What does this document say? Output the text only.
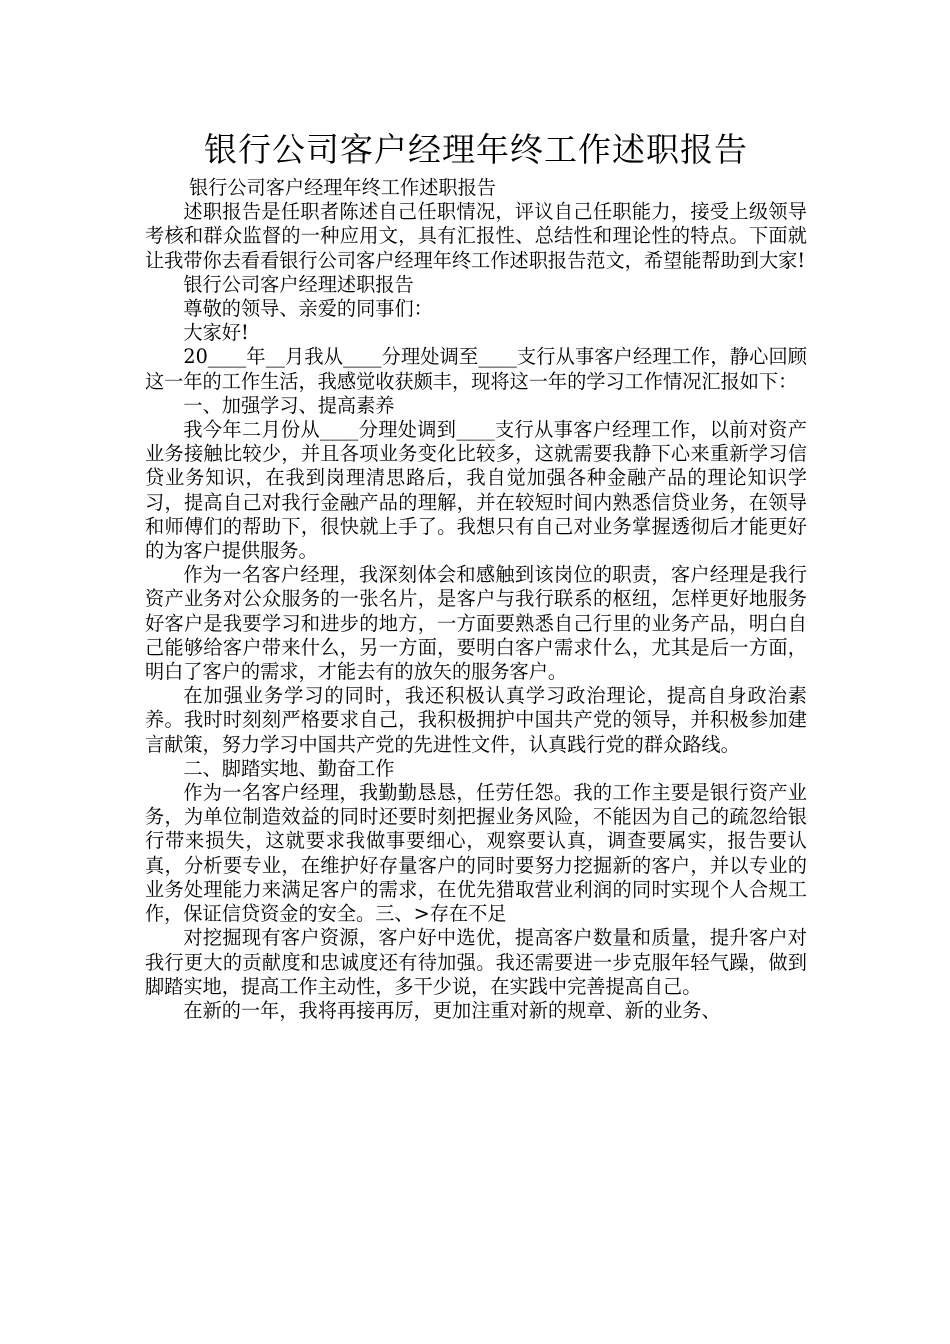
银行公司客户经理年终工作述职报告

银行公司客户经理年终工作述职报告

述职报告是任职者陈述自己任职情况，评议自己任职能力，接受上级领导考核和群众监督的一种应用文，具有汇报性、总结性和理论性的特点。下面就让我带你去看看银行公司客户经理年终工作述职报告范文，希望能帮助到大家!

银行公司客户经理述职报告

尊敬的领导、亲爱的同事们：

大家好!

20____年__月我从____分理处调至____支行从事客户经理工作，静心回顾这一年的工作生活，我感觉收获颇丰，现将这一年的学习工作情况汇报如下：

一、加强学习、提高素养

我今年二月份从____分理处调到____支行从事客户经理工作，以前对资产业务接触比较少，并且各项业务变化比较多，这就需要我静下心来重新学习信贷业务知识，在我到岗理清思路后，我自觉加强各种金融产品的理论知识学习，提高自己对我行金融产品的理解，并在较短时间内熟悉信贷业务，在领导和师傅们的帮助下，很快就上手了。我想只有自己对业务掌握透彻后才能更好的为客户提供服务。

作为一名客户经理，我深刻体会和感触到该岗位的职责，客户经理是我行资产业务对公众服务的一张名片，是客户与我行联系的枢纽，怎样更好地服务好客户是我要学习和进步的地方，一方面要熟悉自己行里的业务产品，明白自己能够给客户带来什么，另一方面，要明白客户需求什么，尤其是后一方面，明白了客户的需求，才能去有的放矢的服务客户。

在加强业务学习的同时，我还积极认真学习政治理论，提高自身政治素养。我时时刻刻严格要求自己，我积极拥护中国共产党的领导，并积极参加建言献策，努力学习中国共产党的先进性文件，认真践行党的群众路线。

二、脚踏实地、勤奋工作

作为一名客户经理，我勤勤恳恳，任劳任怨。我的工作主要是银行资产业务，为单位制造效益的同时还要时刻把握业务风险，不能因为自己的疏忽给银行带来损失，这就要求我做事要细心，观察要认真，调查要属实，报告要认真，分析要专业，在维护好存量客户的同时要努力挖掘新的客户，并以专业的业务处理能力来满足客户的需求，在优先猎取营业利润的同时实现个人合规工作，保证信贷资金的安全。三、>存在不足

对挖掘现有客户资源，客户好中选优，提高客户数量和质量，提升客户对我行更大的贡献度和忠诚度还有待加强。我还需要进一步克服年轻气躁，做到脚踏实地，提高工作主动性，多干少说，在实践中完善提高自己。

在新的一年，我将再接再厉，更加注重对新的规章、新的业务、
